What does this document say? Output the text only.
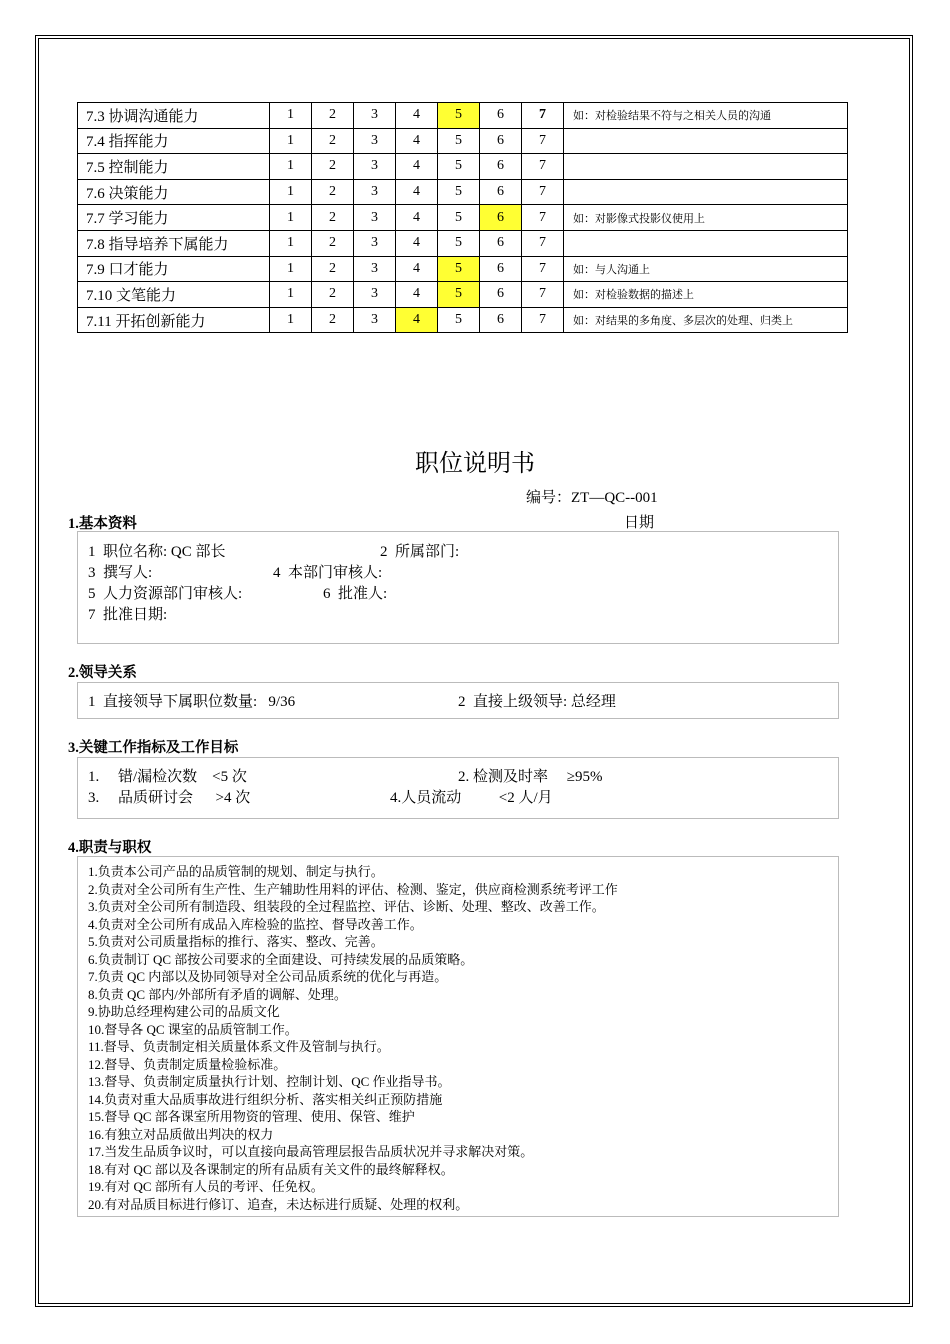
7.3 协调沟通能力	1	2	3	4	5	6	7	如：对检验结果不符与之相关人员的沟通
7.4 指挥能力	1	2	3	4	5	6	7	
7.5 控制能力	1	2	3	4	5	6	7	
7.6 决策能力	1	2	3	4	5	6	7	
7.7 学习能力	1	2	3	4	5	6	7	如：对影像式投影仪使用上
7.8 指导培养下属能力	1	2	3	4	5	6	7	
7.9 口才能力	1	2	3	4	5	6	7	如：与人沟通上
7.10 文笔能力	1	2	3	4	5	6	7	如：对检验数据的描述上
7.11 开拓创新能力	1	2	3	4	5	6	7	如：对结果的多角度、多层次的处理、归类上
职位说明书
编号：ZT—QC--001
日期
1.基本资料
1  职位名称: QC 部长	2  所属部门:
3  撰写人:	4  本部门审核人:
5  人力资源部门审核人:	6  批准人:
7  批准日期:
2.领导关系
1  直接领导下属职位数量:   9/36	2  直接上级领导: 总经理
3.关键工作指标及工作目标
1.     错/漏检次数    <5 次	2. 检测及时率     ≥95%
3.     品质研讨会      >4 次	4.人员流动          <2 人/月
4.职责与职权
1.负责本公司产品的品质管制的规划、制定与执行。
2.负责对全公司所有生产性、生产辅助性用料的评估、检测、鉴定，供应商检测系统考评工作
3.负责对全公司所有制造段、组装段的全过程监控、评估、诊断、处理、整改、改善工作。
4.负责对全公司所有成品入库检验的监控、督导改善工作。
5.负责对公司质量指标的推行、落实、整改、完善。
6.负责制订 QC 部按公司要求的全面建设、可持续发展的品质策略。
7.负责 QC 内部以及协同领导对全公司品质系统的优化与再造。
8.负责 QC 部内/外部所有矛盾的调解、处理。
9.协助总经理构建公司的品质文化
10.督导各 QC 课室的品质管制工作。
11.督导、负责制定相关质量体系文件及管制与执行。
12.督导、负责制定质量检验标准。
13.督导、负责制定质量执行计划、控制计划、QC 作业指导书。
14.负责对重大品质事故进行组织分析、落实相关纠正预防措施
15.督导 QC 部各课室所用物资的管理、使用、保管、维护
16.有独立对品质做出判决的权力
17.当发生品质争议时，可以直接向最高管理层报告品质状况并寻求解决对策。
18.有对 QC 部以及各课制定的所有品质有关文件的最终解释权。
19.有对 QC 部所有人员的考评、任免权。
20.有对品质目标进行修订、追查，未达标进行质疑、处理的权利。
